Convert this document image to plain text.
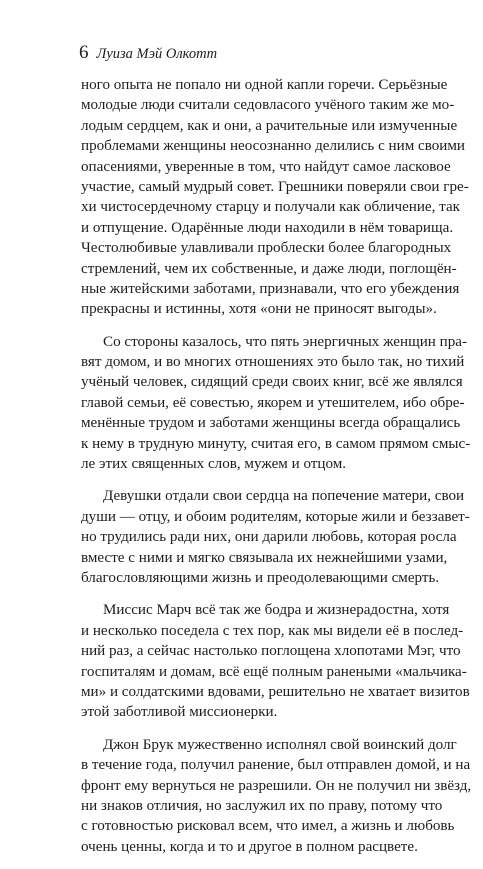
6 Луиза Мэй Олкотт
ного опыта не попало ни одной капли горечи. Серьёзные
молодые люди считали седовласого учёного таким же мо-
лодым сердцем, как и они, а рачительные или измученные
проблемами женщины неосознанно делились с ним своими
опасениями, уверенные в том, что найдут самое ласковое
участие, самый мудрый совет. Грешники поверяли свои гре-
хи чистосердечному старцу и получали как обличение, так
и отпущение. Одарённые люди находили в нём товарища.
Честолюбивые улавливали проблески более благородных
стремлений, чем их собственные, и даже люди, поглощён-
ные житейскими заботами, признавали, что его убеждения
прекрасны и истинны, хотя «они не приносят выгоды».
Со стороны казалось, что пять энергичных женщин пра-
вят домом, и во многих отношениях это было так, но тихий
учёный человек, сидящий среди своих книг, всё же являлся
главой семьи, её совестью, якорем и утешителем, ибо обре-
менённые трудом и заботами женщины всегда обращались
к нему в трудную минуту, считая его, в самом прямом смыс-
ле этих священных слов, мужем и отцом.
Девушки отдали свои сердца на попечение матери, свои
души — отцу, и обоим родителям, которые жили и беззавет-
но трудились ради них, они дарили любовь, которая росла
вместе с ними и мягко связывала их нежнейшими узами,
благословляющими жизнь и преодолевающими смерть.
Миссис Марч всё так же бодра и жизнерадостна, хотя
и несколько поседела с тех пор, как мы видели её в послед-
ний раз, а сейчас настолько поглощена хлопотами Мэг, что
госпиталям и домам, всё ещё полным ранеными «мальчика-
ми» и солдатскими вдовами, решительно не хватает визитов
этой заботливой миссионерки.
Джон Брук мужественно исполнял свой воинский долг
в течение года, получил ранение, был отправлен домой, и на
фронт ему вернуться не разрешили. Он не получил ни звёзд,
ни знаков отличия, но заслужил их по праву, потому что
с готовностью рисковал всем, что имел, а жизнь и любовь
очень ценны, когда и то и другое в полном расцвете.
